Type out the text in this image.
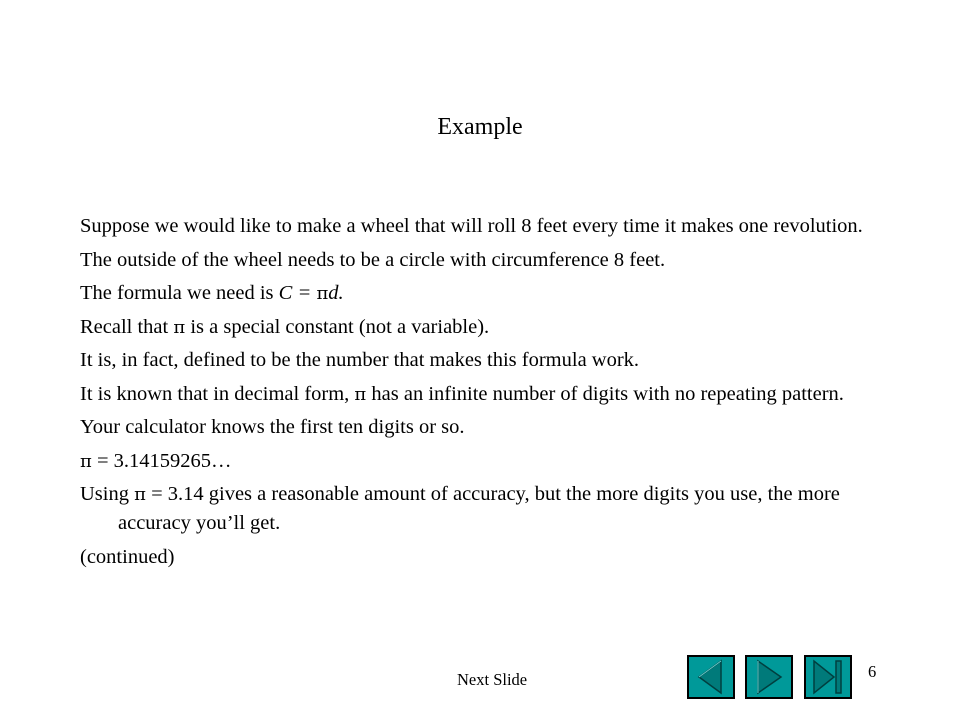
Example

Suppose we would like to make a wheel that will roll 8 feet every time it makes one revolution.

The outside of the wheel needs to be a circle with circumference 8 feet.

The formula we need is C = πd.

Recall that π is a special constant (not a variable).

It is, in fact, defined to be the number that makes this formula work.

It is known that in decimal form, π has an infinite number of digits with no repeating pattern.

Your calculator knows the first ten digits or so.

π = 3.14159265…

Using π = 3.14 gives a reasonable amount of accuracy, but the more digits you use, the more accuracy you’ll get.

(continued)

Next Slide	6
